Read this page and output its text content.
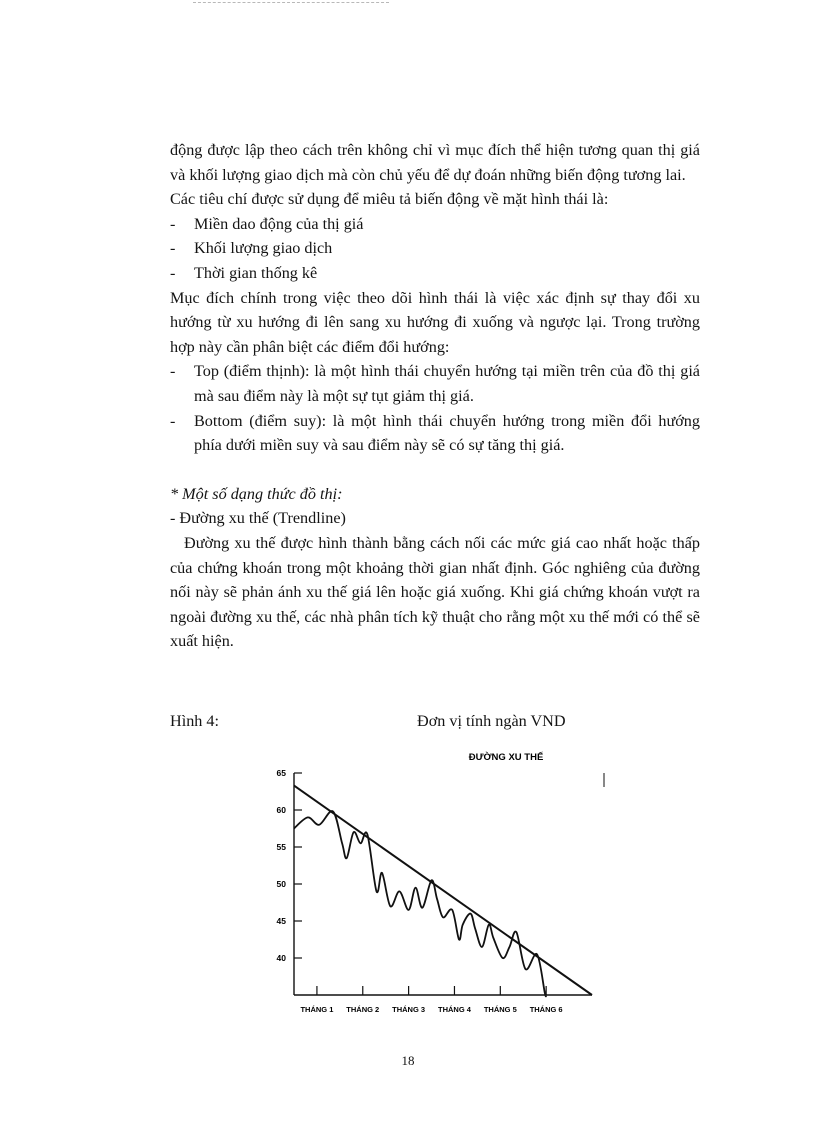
động được lập theo cách trên không chỉ vì mục đích thể hiện tương quan thị giá và khối lượng giao dịch mà còn chủ yếu để dự đoán những biến động tương lai.

Các tiêu chí được sử dụng để miêu tả biến động về mặt hình thái là:

- Miền dao động của thị giá
- Khối lượng giao dịch
- Thời gian thống kê

Mục đích chính trong việc theo dõi hình thái là việc xác định sự thay đổi xu hướng từ xu hướng đi lên sang xu hướng đi xuống và ngược lại. Trong trường hợp này cần phân biệt các điểm đổi hướng:

- Top (điểm thịnh): là một hình thái chuyển hướng tại miền trên của đồ thị giá mà sau điểm này là một sự tụt giảm thị giá.
- Bottom (điểm suy): là một hình thái chuyển hướng trong miền đổi hướng phía dưới miền suy và sau điểm này sẽ có sự tăng thị giá.

* Một số dạng thức đồ thị:

- Đường xu thế (Trendline)

Đường xu thế được hình thành bằng cách nối các mức giá cao nhất hoặc thấp của chứng khoán trong một khoảng thời gian nhất định. Góc nghiêng của đường nối này sẽ phản ánh xu thế giá lên hoặc giá xuống. Khi giá chứng khoán vượt ra ngoài đường xu thế, các nhà phân tích kỹ thuật cho rằng một xu thế mới có thể sẽ xuất hiện.

Hình 4:	Đơn vị tính ngàn VND
ĐƯỜNG XU THẾ
40
45
50
55
60
65
THÁNG 1 THÁNG 2 THÁNG 3 THÁNG 4 THÁNG 5 THÁNG 6
18
